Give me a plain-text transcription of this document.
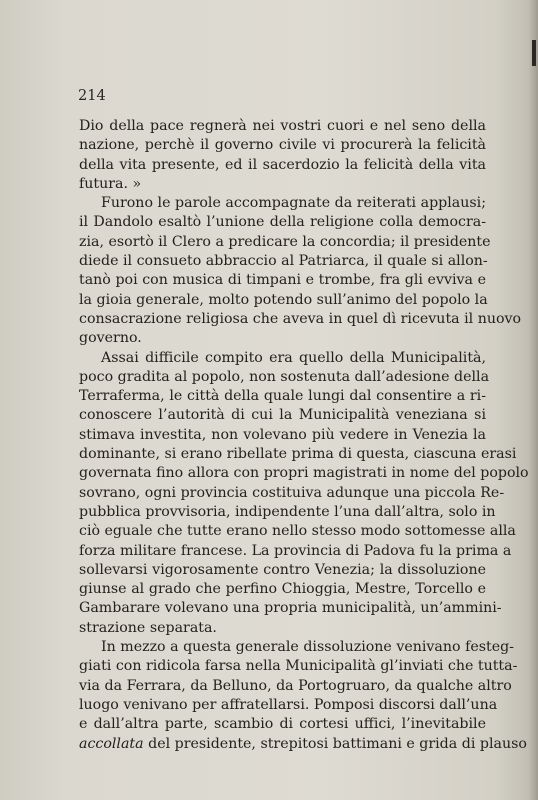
214
Dio della pace regnerà nei vostri cuori e nel seno della
nazione, perchè il governo civile vi procurerà la felicità
della vita presente, ed il sacerdozio la felicità della vita
futura. »
Furono le parole accompagnate da reiterati applausi;
il Dandolo esaltò l’unione della religione colla democra-
zia, esortò il Clero a predicare la concordia; il presidente
diede il consueto abbraccio al Patriarca, il quale si allon-
tanò poi con musica di timpani e trombe, fra gli evviva e
la gioia generale, molto potendo sull’animo del popolo la
consacrazione religiosa che aveva in quel dì ricevuta il nuovo
governo.
Assai difficile compito era quello della Municipalità,
poco gradita al popolo, non sostenuta dall’adesione della
Terraferma, le città della quale lungi dal consentire a ri-
conoscere l’autorità di cui la Municipalità veneziana si
stimava investita, non volevano più vedere in Venezia la
dominante, si erano ribellate prima di questa, ciascuna erasi
governata fino allora con propri magistrati in nome del popolo
sovrano, ogni provincia costituiva adunque una piccola Re-
pubblica provvisoria, indipendente l’una dall’altra, solo in
ciò eguale che tutte erano nello stesso modo sottomesse alla
forza militare francese. La provincia di Padova fu la prima a
sollevarsi vigorosamente contro Venezia; la dissoluzione
giunse al grado che perfino Chioggia, Mestre, Torcello e
Gambarare volevano una propria municipalità, un’ammini-
strazione separata.
In mezzo a questa generale dissoluzione venivano festeg-
giati con ridicola farsa nella Municipalità gl’inviati che tutta-
via da Ferrara, da Belluno, da Portogruaro, da qualche altro
luogo venivano per affratellarsi. Pomposi discorsi dall’una
e dall’altra parte, scambio di cortesi uffici, l’inevitabile
accollata del presidente, strepitosi battimani e grida di plauso
